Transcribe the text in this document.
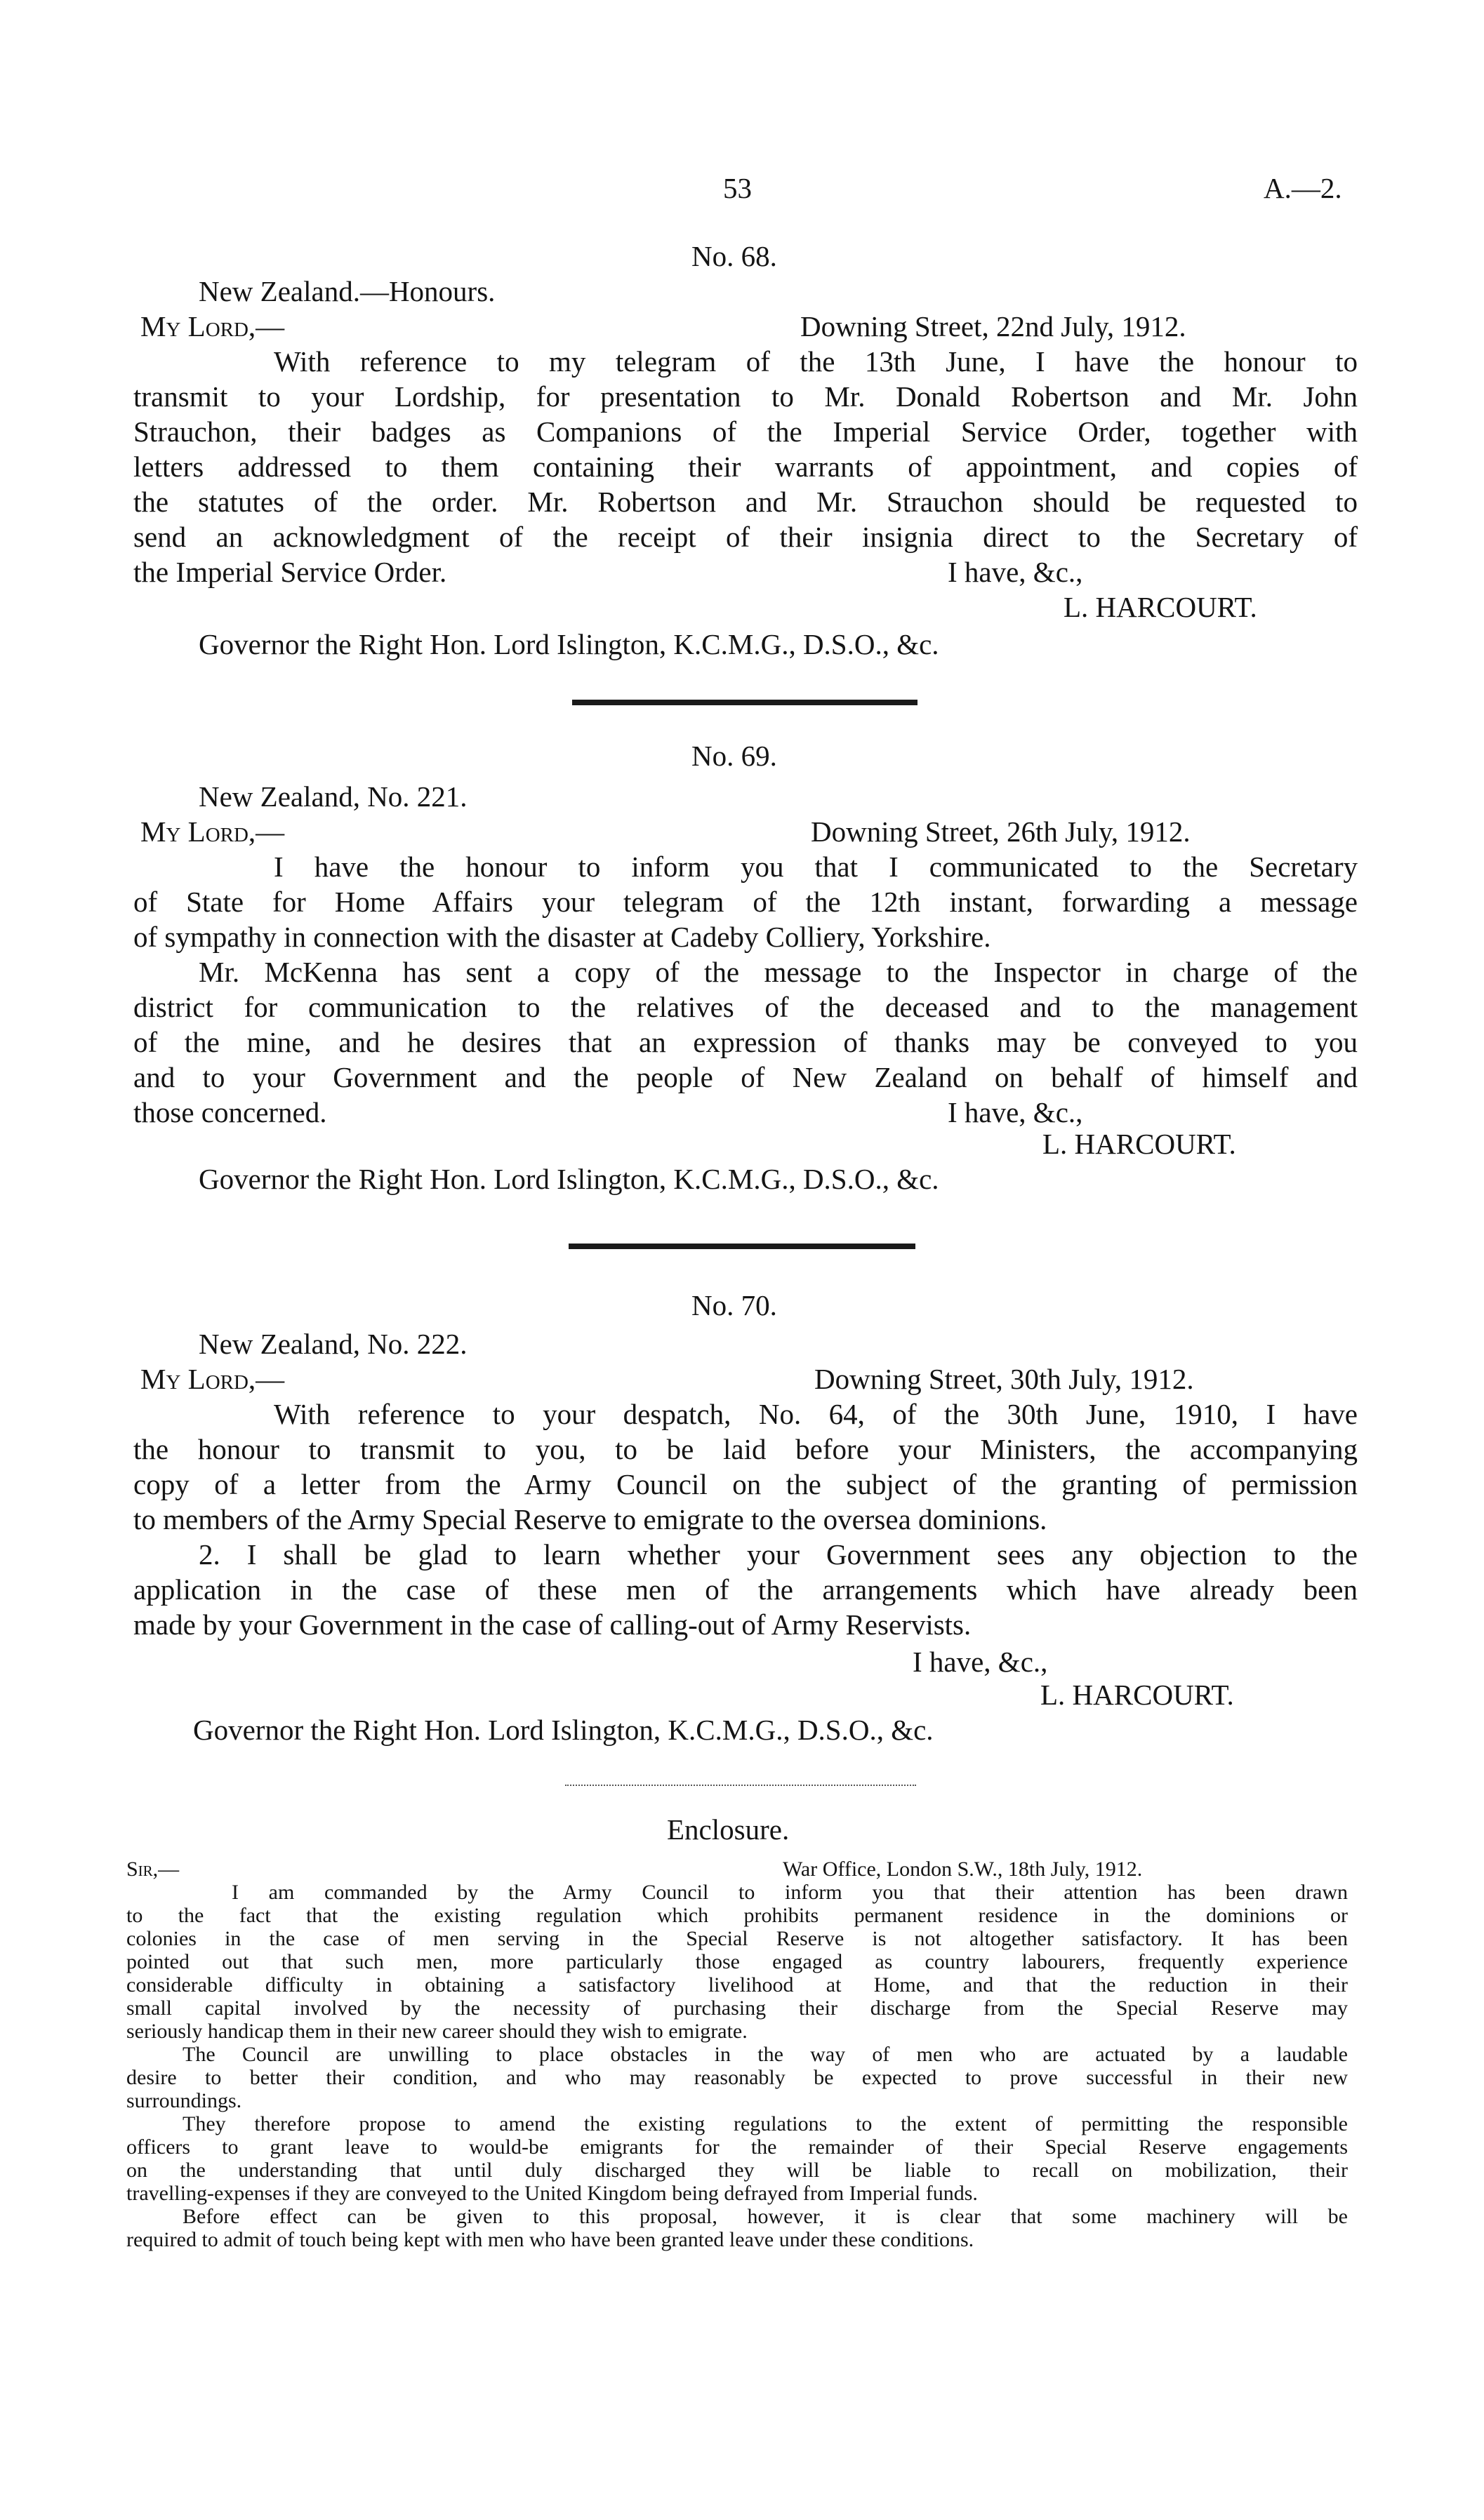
53	A.—2.
No. 68.
New Zealand.—Honours.
My Lord,—	Downing Street, 22nd July, 1912.
With reference to my telegram of the 13th June, I have the honour to
transmit to your Lordship, for presentation to Mr. Donald Robertson and Mr. John
Strauchon, their badges as Companions of the Imperial Service Order, together with
letters addressed to them containing their warrants of appointment, and copies of
the statutes of the order. Mr. Robertson and Mr. Strauchon should be requested to
send an acknowledgment of the receipt of their insignia direct to the Secretary of
the Imperial Service Order.	I have, &c.,
L. HARCOURT.
Governor the Right Hon. Lord Islington, K.C.M.G., D.S.O., &c.
No. 69.
New Zealand, No. 221.
My Lord,—	Downing Street, 26th July, 1912.
I have the honour to inform you that I communicated to the Secretary
of State for Home Affairs your telegram of the 12th instant, forwarding a message
of sympathy in connection with the disaster at Cadeby Colliery, Yorkshire.
Mr. McKenna has sent a copy of the message to the Inspector in charge of the
district for communication to the relatives of the deceased and to the management
of the mine, and he desires that an expression of thanks may be conveyed to you
and to your Government and the people of New Zealand on behalf of himself and
those concerned.	I have, &c.,
L. HARCOURT.
Governor the Right Hon. Lord Islington, K.C.M.G., D.S.O., &c.
No. 70.
New Zealand, No. 222.
My Lord,—	Downing Street, 30th July, 1912.
With reference to your despatch, No. 64, of the 30th June, 1910, I have
the honour to transmit to you, to be laid before your Ministers, the accompanying
copy of a letter from the Army Council on the subject of the granting of permission
to members of the Army Special Reserve to emigrate to the oversea dominions.
2. I shall be glad to learn whether your Government sees any objection to the
application in the case of these men of the arrangements which have already been
made by your Government in the case of calling-out of Army Reservists.
I have, &c.,
L. HARCOURT.
Governor the Right Hon. Lord Islington, K.C.M.G., D.S.O., &c.
Enclosure.
Sir,—	War Office, London S.W., 18th July, 1912.
I am commanded by the Army Council to inform you that their attention has been drawn
to the fact that the existing regulation which prohibits permanent residence in the dominions or
colonies in the case of men serving in the Special Reserve is not altogether satisfactory. It has been
pointed out that such men, more particularly those engaged as country labourers, frequently experience
considerable difficulty in obtaining a satisfactory livelihood at Home, and that the reduction in their
small capital involved by the necessity of purchasing their discharge from the Special Reserve may
seriously handicap them in their new career should they wish to emigrate.
The Council are unwilling to place obstacles in the way of men who are actuated by a laudable
desire to better their condition, and who may reasonably be expected to prove successful in their new
surroundings.
They therefore propose to amend the existing regulations to the extent of permitting the responsible
officers to grant leave to would-be emigrants for the remainder of their Special Reserve engagements
on the understanding that until duly discharged they will be liable to recall on mobilization, their
travelling-expenses if they are conveyed to the United Kingdom being defrayed from Imperial funds.
Before effect can be given to this proposal, however, it is clear that some machinery will be
required to admit of touch being kept with men who have been granted leave under these conditions.
